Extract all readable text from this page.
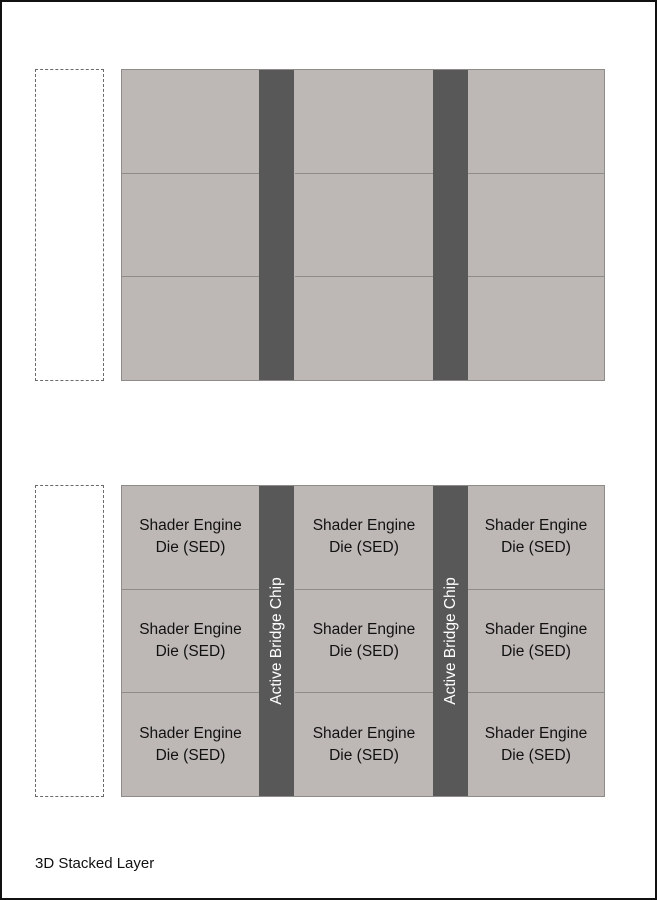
Shader Engine
Die (SED)
Shader Engine
Die (SED)
Shader Engine
Die (SED)
Shader Engine
Die (SED)
Shader Engine
Die (SED)
Shader Engine
Die (SED)
Shader Engine
Die (SED)
Shader Engine
Die (SED)
Shader Engine
Die (SED)
Active Bridge Chip	Active Bridge Chip
3D Stacked Layer
